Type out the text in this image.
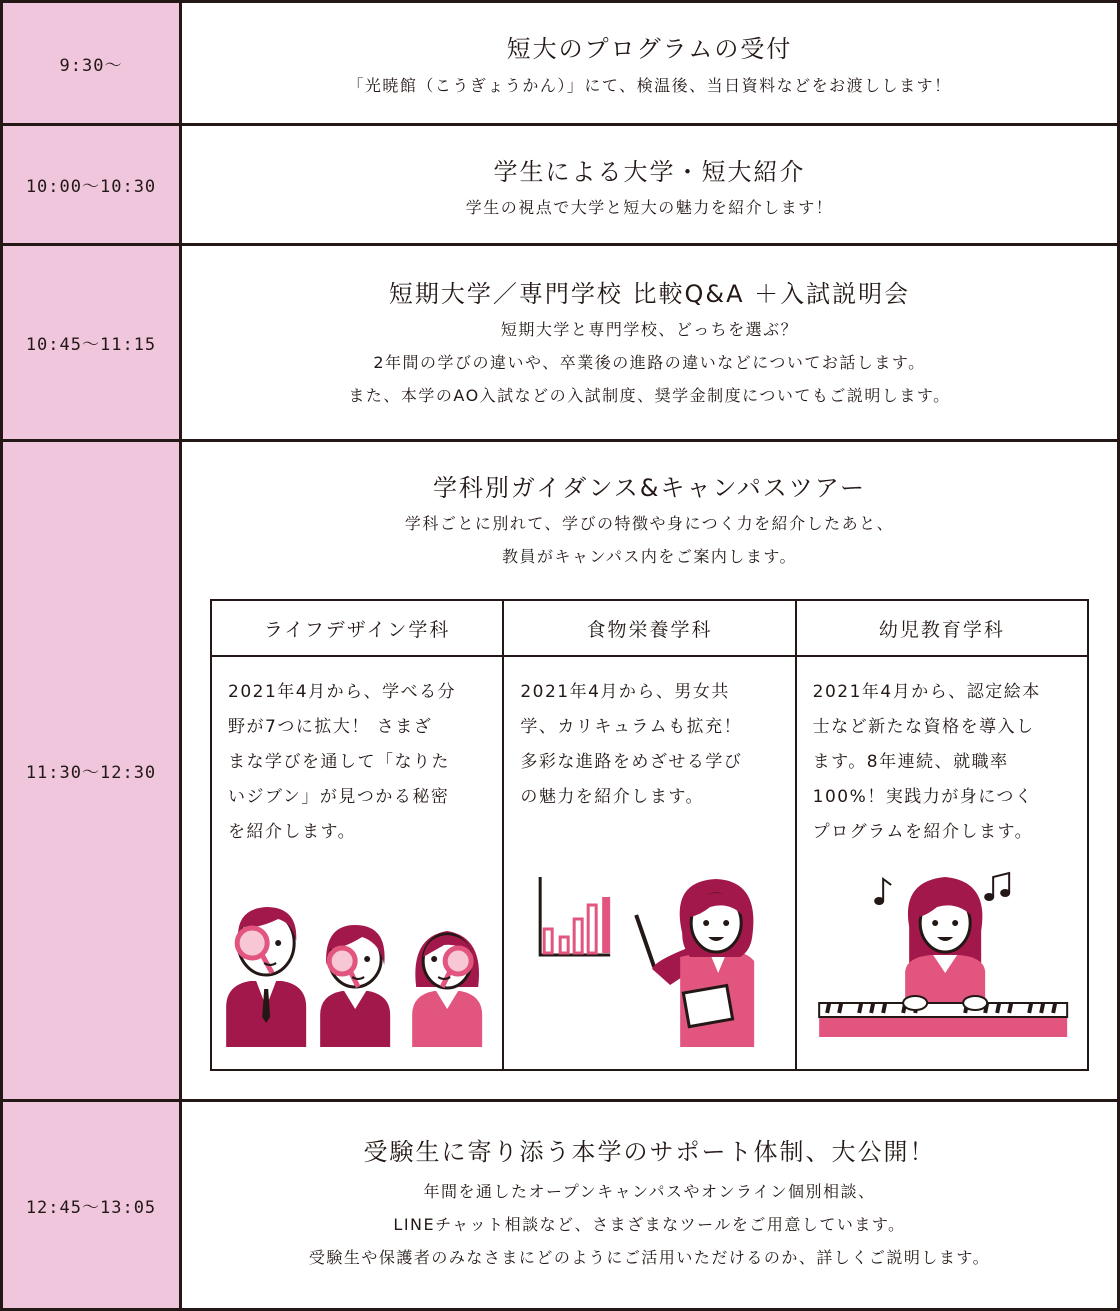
9:30〜
短大のプログラムの受付
「光暁館（こうぎょうかん）」にて、検温後、当日資料などをお渡しします！
10:00〜10:30
学生による大学・短大紹介
学生の視点で大学と短大の魅力を紹介します！
10:45〜11:15
短期大学／専門学校 比較Q&A ＋入試説明会
短期大学と専門学校、どっちを選ぶ？
2年間の学びの違いや、卒業後の進路の違いなどについてお話します。
また、本学のAO入試などの入試制度、奨学金制度についてもご説明します。
11:30〜12:30
学科別ガイダンス&キャンパスツアー
学科ごとに別れて、学びの特徴や身につく力を紹介したあと、
教員がキャンパス内をご案内します。
ライフデザイン学科
2021年4月から、学べる分
野が7つに拡大！ さまざ
まな学びを通して「なりた
いジブン」が見つかる秘密
を紹介します。
食物栄養学科
2021年4月から、男女共
学、カリキュラムも拡充！
多彩な進路をめざせる学び
の魅力を紹介します。
幼児教育学科
2021年4月から、認定絵本
士など新たな資格を導入し
ます。8年連続、就職率
100%！実践力が身につく
プログラムを紹介します。
12:45〜13:05
受験生に寄り添う本学のサポート体制、大公開！
年間を通したオープンキャンパスやオンライン個別相談、
LINEチャット相談など、さまざまなツールをご用意しています。
受験生や保護者のみなさまにどのようにご活用いただけるのか、詳しくご説明します。
